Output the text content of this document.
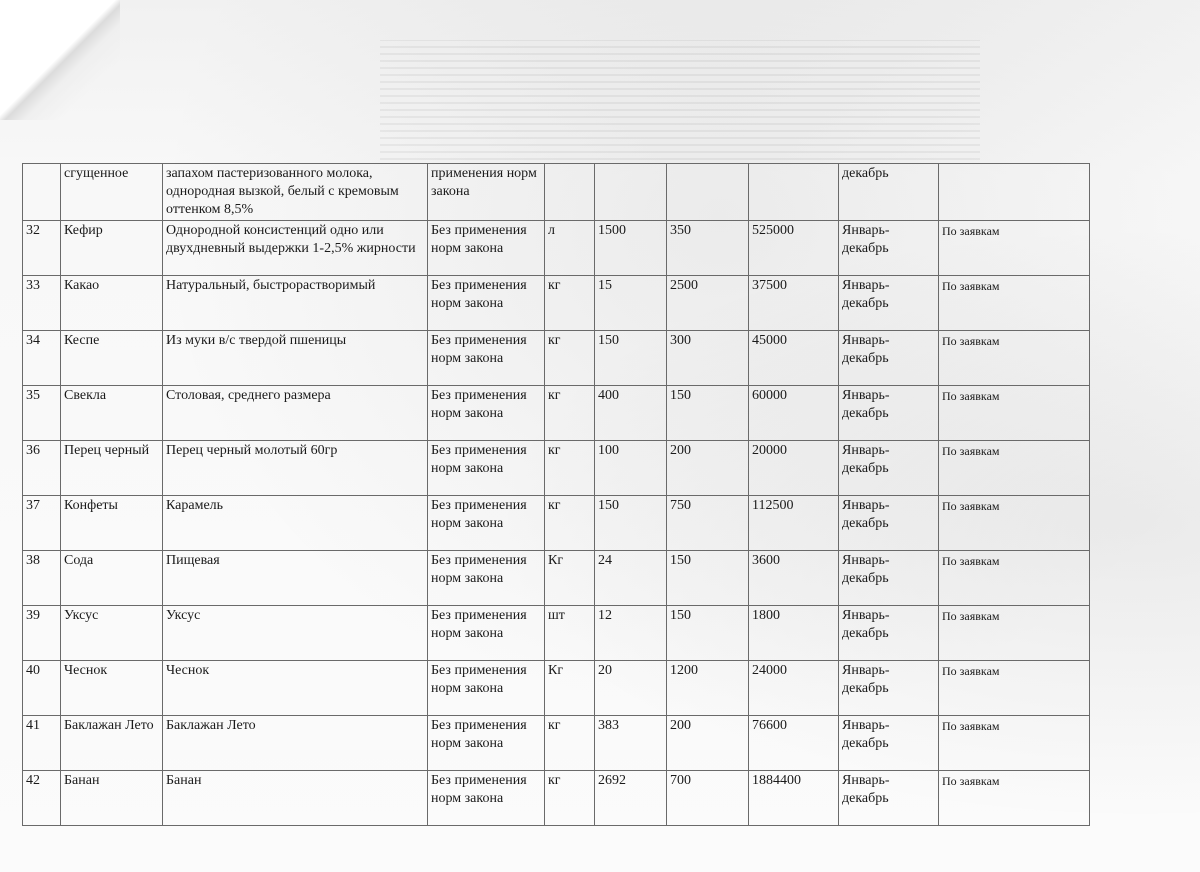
	сгущенное	запахом пастеризованного молока, однородная вызкой, белый с кремовым оттенком 8,5%	применения норм закона					декабрь	
32	Кефир	Однородной консистенций одно или двухдневный выдержки 1-2,5% жирности	Без применения норм закона	л	1500	350	525000	Январь-декабрь	По заявкам
33	Какао	Натуральный, быстрорастворимый	Без применения норм закона	кг	15	2500	37500	Январь-декабрь	По заявкам
34	Кеспе	Из муки в/с твердой пшеницы	Без применения норм закона	кг	150	300	45000	Январь-декабрь	По заявкам
35	Свекла	Столовая, среднего размера	Без применения норм закона	кг	400	150	60000	Январь-декабрь	По заявкам
36	Перец черный	Перец черный молотый 60гр	Без применения норм закона	кг	100	200	20000	Январь-декабрь	По заявкам
37	Конфеты	Карамель	Без применения норм закона	кг	150	750	112500	Январь-декабрь	По заявкам
38	Сода	Пищевая	Без применения норм закона	Кг	24	150	3600	Январь-декабрь	По заявкам
39	Уксус	Уксус	Без применения норм закона	шт	12	150	1800	Январь-декабрь	По заявкам
40	Чеснок	Чеснок	Без применения норм закона	Кг	20	1200	24000	Январь-декабрь	По заявкам
41	Баклажан Лето	Баклажан Лето	Без применения норм закона	кг	383	200	76600	Январь-декабрь	По заявкам
42	Банан	Банан	Без применения норм закона	кг	2692	700	1884400	Январь-декабрь	По заявкам
